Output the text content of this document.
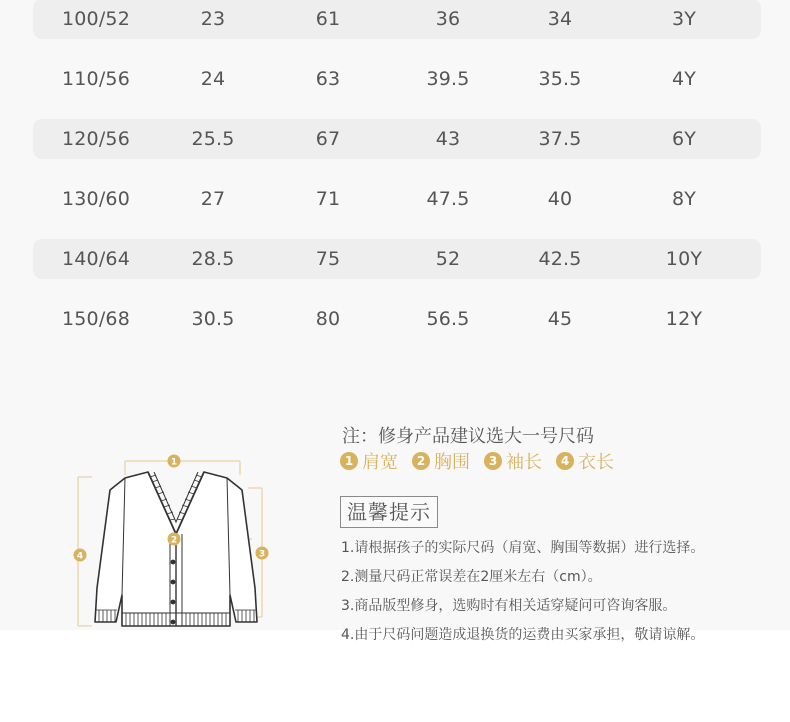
100/52	23	61	36	34	3Y
110/56	24	63	39.5	35.5	4Y
120/56	25.5	67	43	37.5	6Y
130/60	27	71	47.5	40	8Y
140/64	28.5	75	52	42.5	10Y
150/68	30.5	80	56.5	45	12Y
1
2
3
4
注：修身产品建议选大一号尺码
1 肩宽	2 胸围	3 袖长	4 衣长
温馨提示
1.请根据孩子的实际尺码（肩宽、胸围等数据）进行选择。
2.测量尺码正常误差在2厘米左右（cm）。
3.商品版型修身，选购时有相关适穿疑问可咨询客服。
4.由于尺码问题造成退换货的运费由买家承担，敬请谅解。
